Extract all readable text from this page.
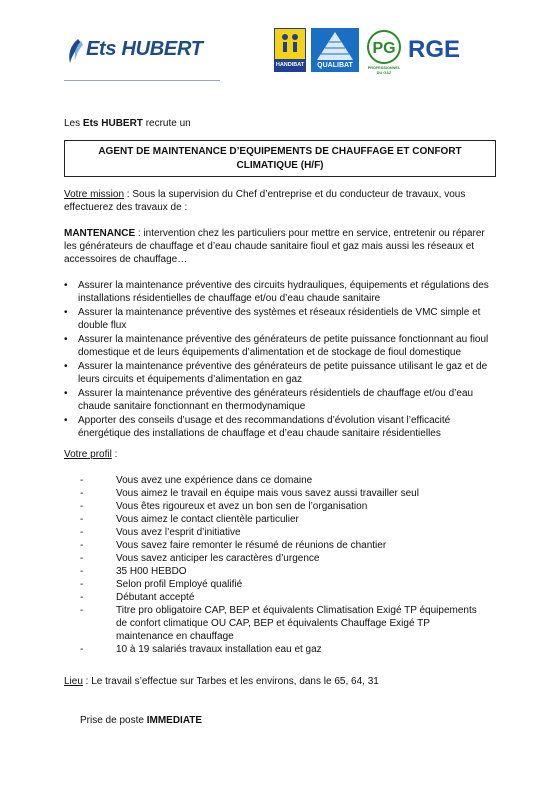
Ets HUBERT
HANDIBAT	QUALIBAT
PG
PROFESSIONNEL DU GAZ
RGE
Les Ets HUBERT recrute un
AGENT DE MAINTENANCE D’EQUIPEMENTS DE CHAUFFAGE ET CONFORT CLIMATIQUE (H/F)
Votre mission : Sous la supervision du Chef d’entreprise et du conducteur de travaux, vous effectuerez des travaux de :
MANTENANCE : intervention chez les particuliers pour mettre en service, entretenir ou réparer les générateurs de chauffage et d’eau chaude sanitaire fioul et gaz mais aussi les réseaux et accessoires de chauffage…
• Assurer la maintenance préventive des circuits hydrauliques, équipements et régulations des installations résidentielles de chauffage et/ou d’eau chaude sanitaire
• Assurer la maintenance préventive des systèmes et réseaux résidentiels de VMC simple et double flux
• Assurer la maintenance préventive des générateurs de petite puissance fonctionnant au fioul domestique et de leurs équipements d’alimentation et de stockage de fioul domestique
• Assurer la maintenance préventive des générateurs de petite puissance utilisant le gaz et de leurs circuits et équipements d’alimentation en gaz
• Assurer la maintenance préventive des générateurs résidentiels de chauffage et/ou d’eau chaude sanitaire fonctionnant en thermodynamique
• Apporter des conseils d’usage et des recommandations d’évolution visant l’efficacité énergétique des installations de chauffage et d’eau chaude sanitaire résidentielles
Votre profil :
-	Vous avez une expérience dans ce domaine
-	Vous aimez le travail en équipe mais vous savez aussi travailler seul
-	Vous êtes rigoureux et avez un bon sen de l’organisation
-	Vous aimez le contact clientèle particulier
-	Vous avez l’esprit d’initiative
-	Vous savez faire remonter le résumé de réunions de chantier
-	Vous savez anticiper les caractères d’urgence
-	35 H00 HEBDO
-	Selon profil Employé qualifié
-	Débutant accepté
-	Titre pro obligatoire CAP, BEP et équivalents Climatisation Exigé TP équipements de confort climatique OU CAP, BEP et équivalents Chauffage Exigé TP maintenance en chauffage
-	10 à 19 salariés travaux installation eau et gaz
Lieu : Le travail s’effectue sur Tarbes et les environs, dans le 65, 64, 31
Prise de poste IMMEDIATE
